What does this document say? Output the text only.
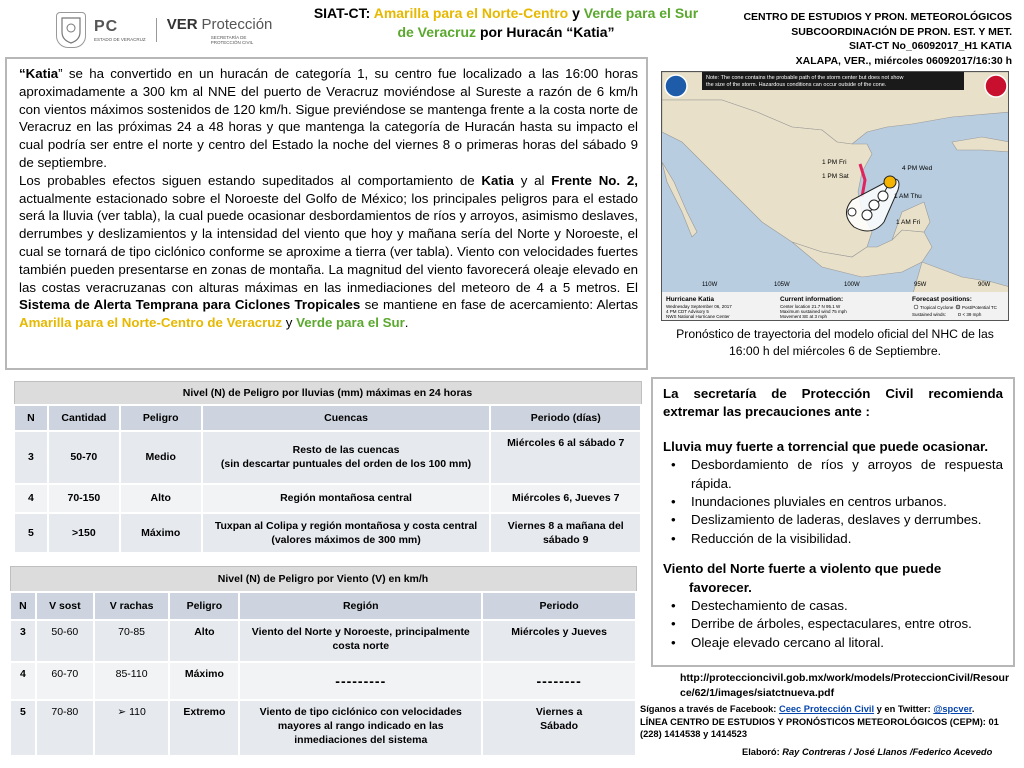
PC
ESTADO DE VERACRUZ
VER Protección
SECRETARÍA DE
PROTECCIÓN CIVIL
SIAT-CT: Amarilla para el Norte-Centro y Verde para el Sur
de Veracruz por Huracán “Katia”
CENTRO DE ESTUDIOS Y PRON. METEOROLÓGICOS
SUBCOORDINACIÓN DE PRON. EST. Y MET.
SIAT-CT No_06092017_H1 KATIA
XALAPA, VER., miércoles 06092017/16:30 h

“Katia” se ha convertido en un huracán de categoría 1, su centro fue localizado a las 16:00 horas aproximadamente a 300 km al NNE del puerto de Veracruz moviéndose al Sureste a razón de 6 km/h con vientos máximos sostenidos de 120 km/h. Sigue previéndose se mantenga frente a la costa norte de Veracruz en las próximas 24 a 48 horas y que mantenga la categoría de Huracán hasta su impacto el cual podría ser entre el norte y centro del Estado la noche del viernes 8 o primeras horas del sábado 9 de septiembre.

Los probables efectos siguen estando supeditados al comportamiento de Katia y al Frente No. 2, actualmente estacionado sobre el Noroeste del Golfo de México; los principales peligros para el estado será la lluvia (ver tabla), la cual puede ocasionar desbordamientos de ríos y arroyos, asimismo deslaves, derrumbes y deslizamientos y la intensidad del viento que hoy y mañana sería del Norte y Noroeste, el cual se tornará de tipo ciclónico conforme se aproxime a tierra (ver tabla). Viento con velocidades fuertes también pueden presentarse en zonas de montaña. La magnitud del viento favorecerá oleaje elevado en las costas veracruzanas con alturas máximas en las inmediaciones del meteoro de 4 a 5 metros. El Sistema de Alerta Temprana para Ciclones Tropicales se mantiene en fase de acercamiento: Alertas Amarilla para el Norte-Centro de Veracruz y Verde para el Sur.

Note: The cone contains the probable path of the storm center but does not show
the size of the storm. Hazardous conditions can occur outside of the cone.
1 PM Fri
1 PM Sat
4 PM Wed
1 AM Thu
1 AM Fri
110W	105W	100W	95W	90W
Hurricane Katia
Wednesday September 06, 2017
4 PM CDT Advisory 5
NWS National Hurricane Center
Current information:
Center location 21.7 N 95.1 W
Maximum sustained wind 75 mph
Movement SE at 3 mph
Forecast positions:
Tropical Cyclone Post/Potential TC
Sustained winds:	D < 39 mph
Pronóstico de trayectoria del modelo oficial del NHC de las 16:00 h del miércoles 6 de Septiembre.
Nivel (N) de Peligro por lluvias (mm) máximas en 24 horas				
N	Cantidad	Peligro	Cuencas	Periodo (días)
3	50-70	Medio	Resto de las cuencas
(sin descartar puntuales del orden de los 100 mm)	Miércoles 6 al sábado 7
4	70-150	Alto	Región montañosa central	Miércoles 6, Jueves 7
5	>150	Máximo	Tuxpan al Colipa y región montañosa y costa central (valores máximos de 300 mm)	Viernes 8 a mañana del sábado 9
Nivel (N) de Peligro por Viento (V) en km/h					
N	V sost	V rachas	Peligro	Región	Periodo
3	50-60	70-85	Alto	Viento del Norte y Noroeste, principalmente costa norte	Miércoles y Jueves
4	60-70	85-110	Máximo	---------	--------
5	70-80	➢ 110	Extremo	Viento de tipo ciclónico con velocidades mayores al rango indicado en las inmediaciones del sistema	Viernes a Sábado
La secretaría de Protección Civil recomienda extremar las precauciones ante :
Lluvia muy fuerte a torrencial que puede ocasionar.
• Desbordamiento de ríos y arroyos de respuesta rápida.
• Inundaciones pluviales en centros urbanos.
• Deslizamiento de laderas, deslaves y derrumbes.
• Reducción de la visibilidad.
Viento del Norte fuerte a violento que puede
favorecer.
• Destechamiento de casas.
• Derribe de árboles, espectaculares, entre otros.
• Oleaje elevado cercano al litoral.
http://proteccioncivil.gob.mx/work/models/ProteccionCivil/Resource/62/1/images/siatctnueva.pdf
Síganos a través de Facebook: Ceec Protección Civil y en Twitter: @spcver.
LÍNEA CENTRO DE ESTUDIOS Y PRONÓSTICOS METEOROLÓGICOS (CEPM): 01 (228) 1414538 y 1414523
Elaboró: Ray Contreras / José Llanos /Federico Acevedo
